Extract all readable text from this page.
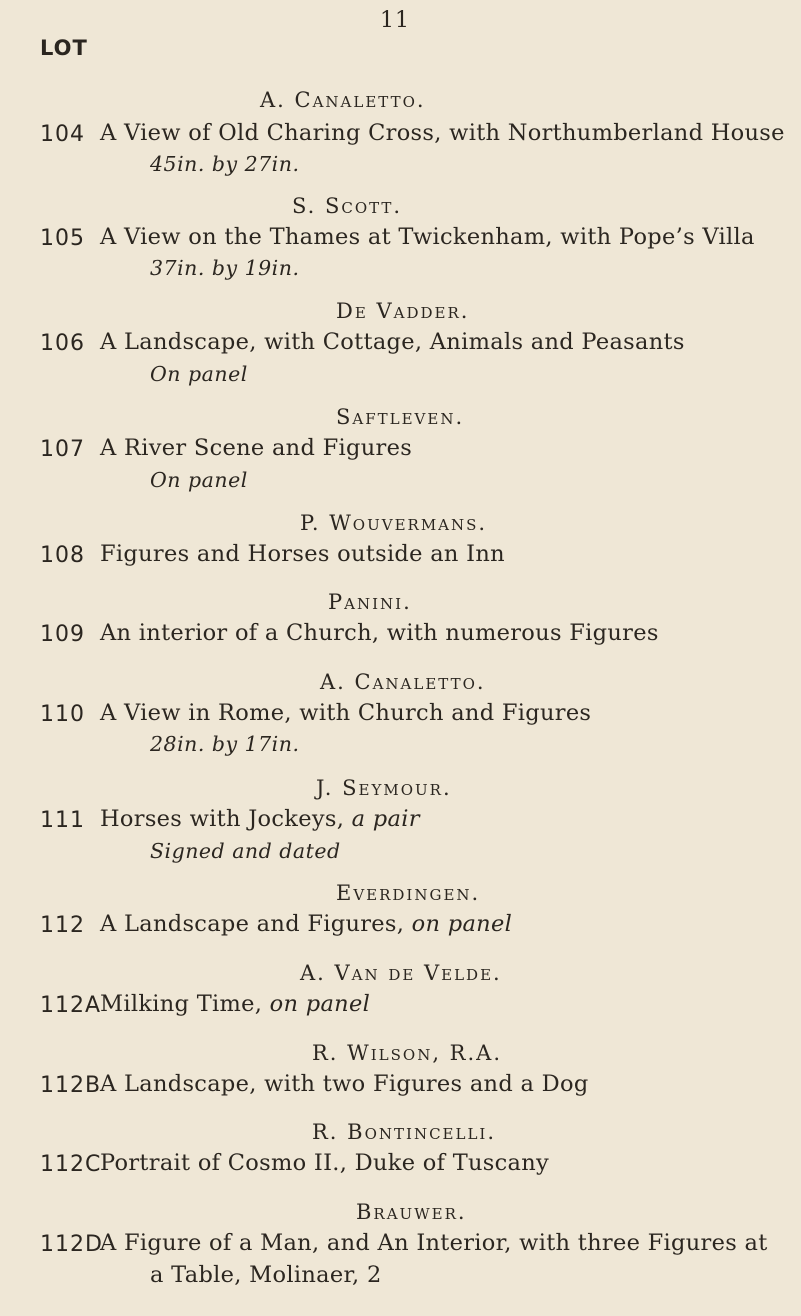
11
LOT
A. Canaletto.
104 A View of Old Charing Cross, with Northumberland House
45in. by 27in.
S. Scott.
105 A View on the Thames at Twickenham, with Pope’s Villa
37in. by 19in.
De Vadder.
106 A Landscape, with Cottage, Animals and Peasants
On panel
Saftleven.
107 A River Scene and Figures
On panel
P. Wouvermans.
108 Figures and Horses outside an Inn
Panini.
109 An interior of a Church, with numerous Figures
A. Canaletto.
110 A View in Rome, with Church and Figures
28in. by 17in.
J. Seymour.
111 Horses with Jockeys, a pair
Signed and dated
Everdingen.
112 A Landscape and Figures, on panel
A. Van de Velde.
112A
Milking Time, on panel
R. Wilson, R.A.
112B
A Landscape, with two Figures and a Dog
R. Bontincelli.
112C
Portrait of Cosmo II., Duke of Tuscany
Brauwer.
112D
A Figure of a Man, and An Interior, with three Figures at
a Table, Molinaer, 2
